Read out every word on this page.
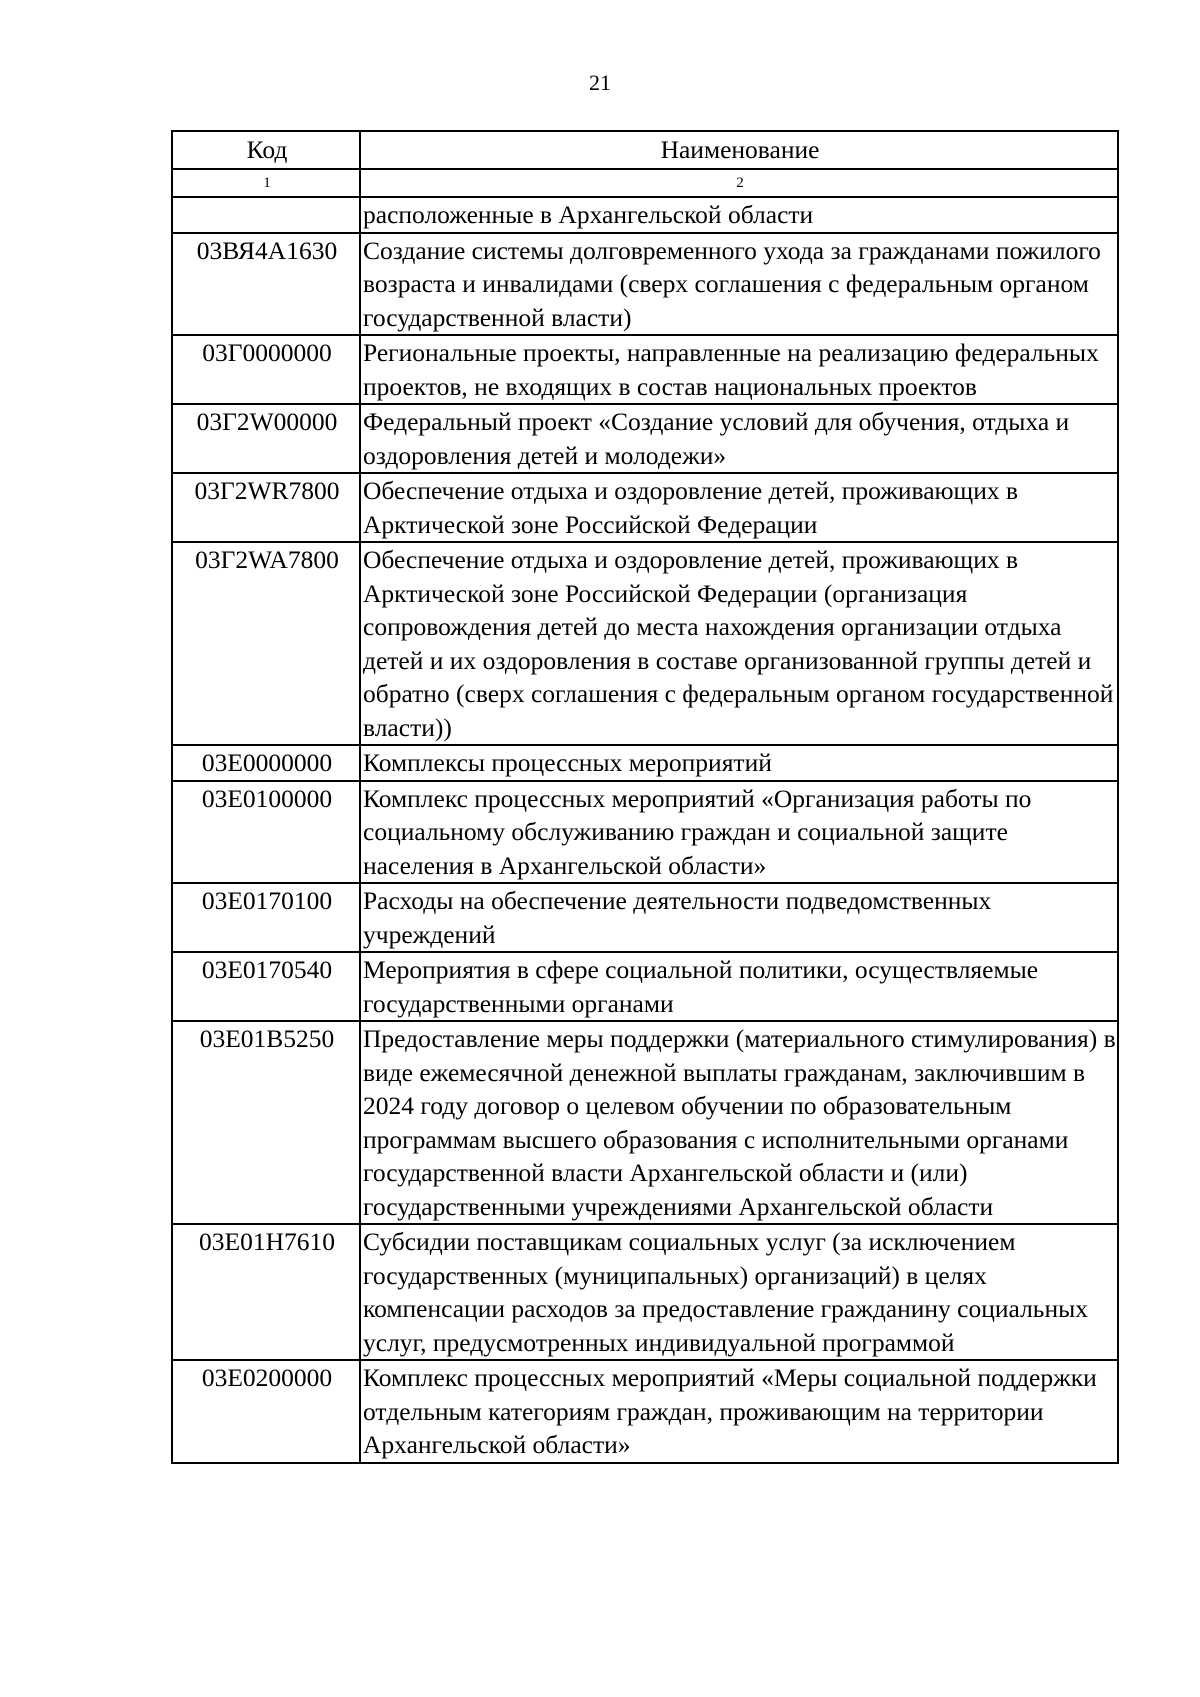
21
Код	Наименование
1	2
	расположенные в Архангельской области
03ВЯ4А1630	Создание системы долговременного ухода за гражданами пожилого возраста и инвалидами (сверх соглашения с федеральным органом государственной власти)
03Г0000000	Региональные проекты, направленные на реализацию федеральных проектов, не входящих в состав национальных проектов
03Г2W00000	Федеральный проект «Создание условий для обучения, отдыха и оздоровления детей и молодежи»
03Г2WR7800	Обеспечение отдыха и оздоровление детей, проживающих в Арктической зоне Российской Федерации
03Г2WA7800	Обеспечение отдыха и оздоровление детей, проживающих в Арктической зоне Российской Федерации (организация сопровождения детей до места нахождения организации отдыха детей и их оздоровления в составе организованной группы детей и обратно (сверх соглашения с федеральным органом государственной власти))
03Е0000000	Комплексы процессных мероприятий
03Е0100000	Комплекс процессных мероприятий «Организация работы по социальному обслуживанию граждан и социальной защите населения в Архангельской области»
03Е0170100	Расходы на обеспечение деятельности подведомственных учреждений
03Е0170540	Мероприятия в сфере социальной политики, осуществляемые государственными органами
03Е01В5250	Предоставление меры поддержки (материального стимулирования) в виде ежемесячной денежной выплаты гражданам, заключившим в 2024 году договор о целевом обучении по образовательным программам высшего образования с исполнительными органами государственной власти Архангельской области и (или) государственными учреждениями Архангельской области
03Е01Н7610	Субсидии поставщикам социальных услуг (за исключением государственных (муниципальных) организаций) в целях компенсации расходов за предоставление гражданину социальных услуг, предусмотренных индивидуальной программой
03Е0200000	Комплекс процессных мероприятий «Меры социальной поддержки отдельным категориям граждан, проживающим на территории Архангельской области»
